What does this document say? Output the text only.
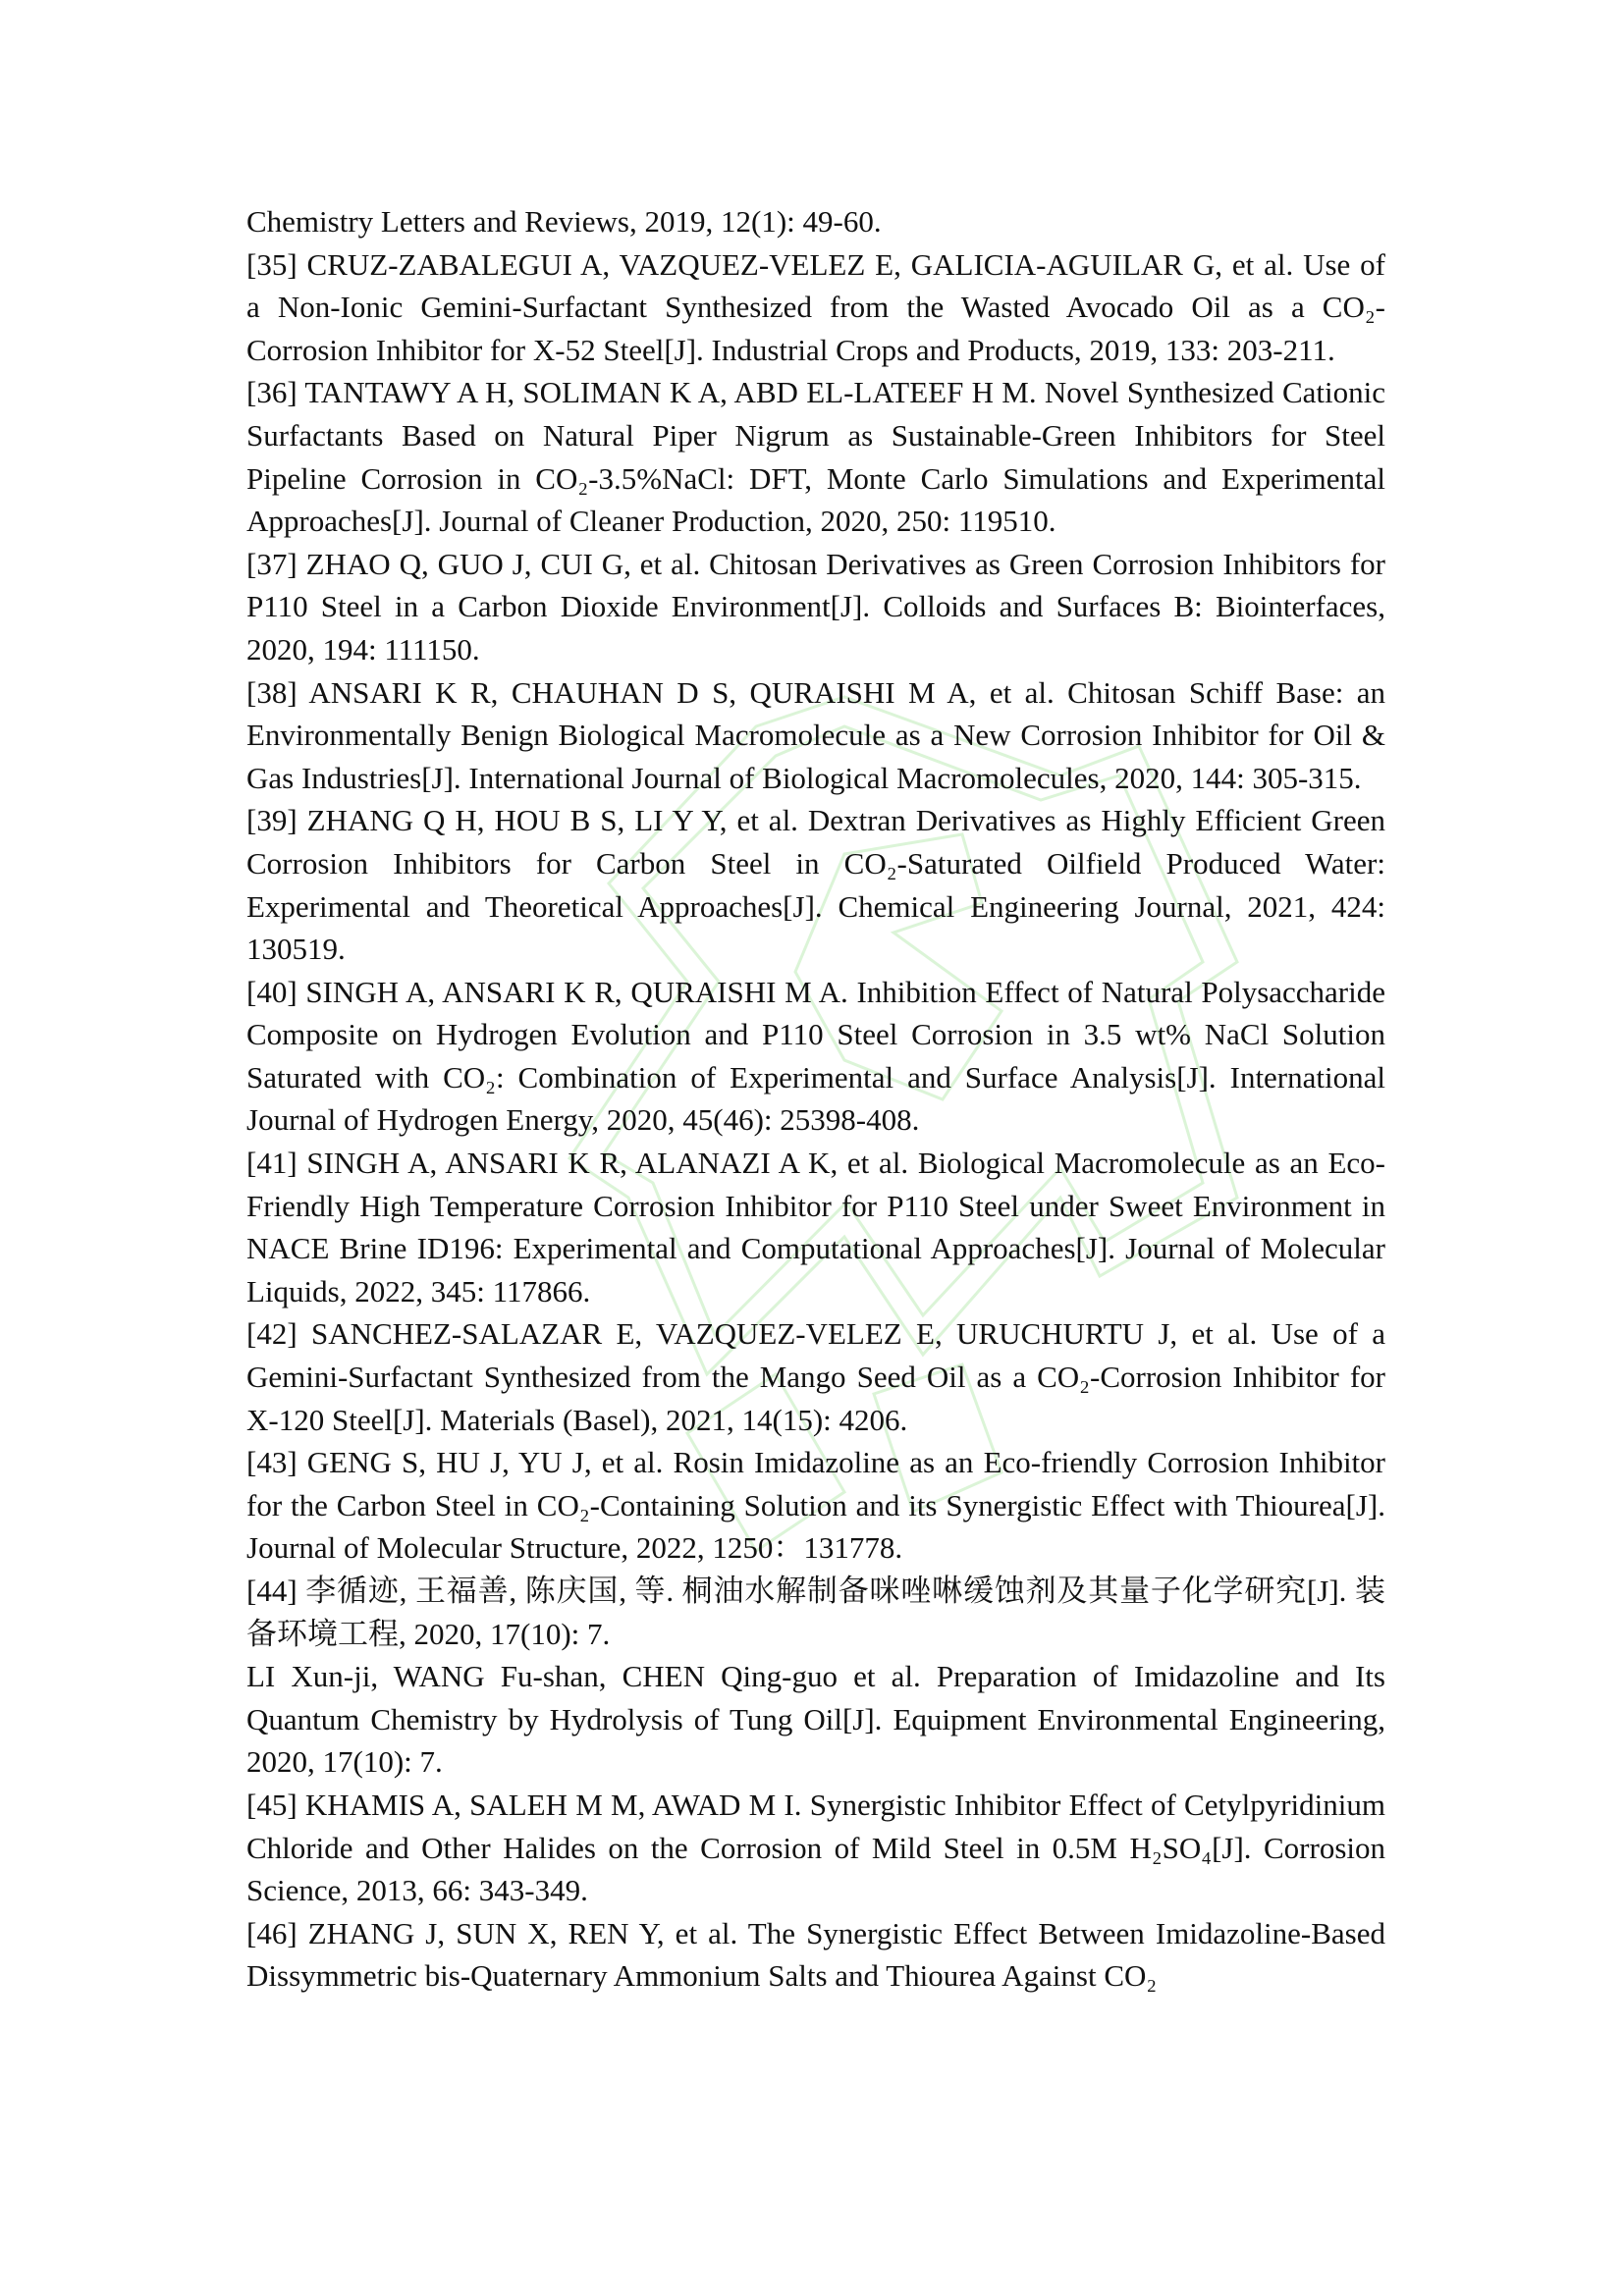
Chemistry Letters and Reviews, 2019, 12(1): 49-60.

[35] CRUZ-ZABALEGUI A, VAZQUEZ-VELEZ E, GALICIA-AGUILAR G, et al. Use of a Non-Ionic Gemini-Surfactant Synthesized from the Wasted Avocado Oil as a CO₂- Corrosion Inhibitor for X-52 Steel[J]. Industrial Crops and Products, 2019, 133: 203-211.

[36] TANTAWY A H, SOLIMAN K A, ABD EL-LATEEF H M. Novel Synthesized Cationic Surfactants Based on Natural Piper Nigrum as Sustainable-Green Inhibitors for Steel Pipeline Corrosion in CO₂-3.5%NaCl: DFT, Monte Carlo Simulations and Experimental Approaches[J]. Journal of Cleaner Production, 2020, 250: 119510.

[37] ZHAO Q, GUO J, CUI G, et al. Chitosan Derivatives as Green Corrosion Inhibitors for P110 Steel in a Carbon Dioxide Environment[J]. Colloids and Surfaces B: Biointerfaces, 2020, 194: 111150.

[38] ANSARI K R, CHAUHAN D S, QURAISHI M A, et al. Chitosan Schiff Base: an Environmentally Benign Biological Macromolecule as a New Corrosion Inhibitor for Oil & Gas Industries[J]. International Journal of Biological Macromolecules, 2020, 144: 305-315.

[39] ZHANG Q H, HOU B S, LI Y Y, et al. Dextran Derivatives as Highly Efficient Green Corrosion Inhibitors for Carbon Steel in CO₂-Saturated Oilfield Produced Water: Experimental and Theoretical Approaches[J]. Chemical Engineering Journal, 2021, 424: 130519.

[40] SINGH A, ANSARI K R, QURAISHI M A. Inhibition Effect of Natural Polysaccharide Composite on Hydrogen Evolution and P110 Steel Corrosion in 3.5 wt% NaCl Solution Saturated with CO₂: Combination of Experimental and Surface Analysis[J]. International Journal of Hydrogen Energy, 2020, 45(46): 25398-408.

[41] SINGH A, ANSARI K R, ALANAZI A K, et al. Biological Macromolecule as an Eco-Friendly High Temperature Corrosion Inhibitor for P110 Steel under Sweet Environment in NACE Brine ID196: Experimental and Computational Approaches[J]. Journal of Molecular Liquids, 2022, 345: 117866.

[42] SANCHEZ-SALAZAR E, VAZQUEZ-VELEZ E, URUCHURTU J, et al. Use of a Gemini-Surfactant Synthesized from the Mango Seed Oil as a CO₂-Corrosion Inhibitor for X-120 Steel[J]. Materials (Basel), 2021, 14(15): 4206.

[43] GENG S, HU J, YU J, et al. Rosin Imidazoline as an Eco-friendly Corrosion Inhibitor for the Carbon Steel in CO₂-Containing Solution and its Synergistic Effect with Thiourea[J]. Journal of Molecular Structure, 2022, 1250：131778.

[44] 李循迹, 王福善, 陈庆国, 等. 桐油水解制备咪唑啉缓蚀剂及其量子化学研究[J]. 装备环境工程, 2020, 17(10): 7.

LI Xun-ji, WANG Fu-shan, CHEN Qing-guo et al. Preparation of Imidazoline and Its Quantum Chemistry by Hydrolysis of Tung Oil[J]. Equipment Environmental Engineering, 2020, 17(10): 7.

[45] KHAMIS A, SALEH M M, AWAD M I. Synergistic Inhibitor Effect of Cetylpyridinium Chloride and Other Halides on the Corrosion of Mild Steel in 0.5M H₂SO₄[J]. Corrosion Science, 2013, 66: 343-349.

[46] ZHANG J, SUN X, REN Y, et al. The Synergistic Effect Between Imidazoline-Based Dissymmetric bis-Quaternary Ammonium Salts and Thiourea Against CO₂
